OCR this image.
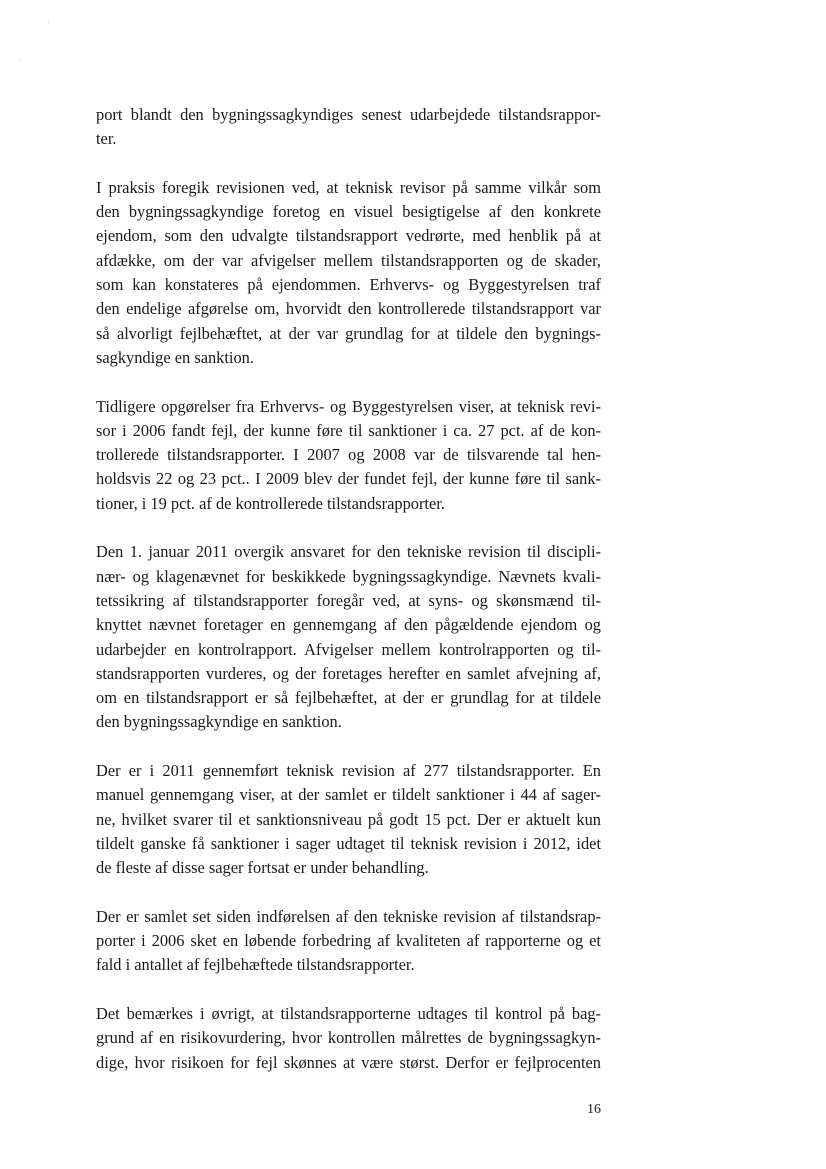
port blandt den bygningssagkyndiges senest udarbejdede tilstandsrappor-
ter.
I praksis foregik revisionen ved, at teknisk revisor på samme vilkår som
den bygningssagkyndige foretog en visuel besigtigelse af den konkrete
ejendom, som den udvalgte tilstandsrapport vedrørte, med henblik på at
afdække, om der var afvigelser mellem tilstandsrapporten og de skader,
som kan konstateres på ejendommen. Erhvervs- og Byggestyrelsen traf
den endelige afgørelse om, hvorvidt den kontrollerede tilstandsrapport var
så alvorligt fejlbehæftet, at der var grundlag for at tildele den bygnings-
sagkyndige en sanktion.
Tidligere opgørelser fra Erhvervs- og Byggestyrelsen viser, at teknisk revi-
sor i 2006 fandt fejl, der kunne føre til sanktioner i ca. 27 pct. af de kon-
trollerede tilstandsrapporter. I 2007 og 2008 var de tilsvarende tal hen-
holdsvis 22 og 23 pct.. I 2009 blev der fundet fejl, der kunne føre til sank-
tioner, i 19 pct. af de kontrollerede tilstandsrapporter.
Den 1. januar 2011 overgik ansvaret for den tekniske revision til discipli-
nær- og klagenævnet for beskikkede bygningssagkyndige. Nævnets kvali-
tetssikring af tilstandsrapporter foregår ved, at syns- og skønsmænd til-
knyttet nævnet foretager en gennemgang af den pågældende ejendom og
udarbejder en kontrolrapport. Afvigelser mellem kontrolrapporten og til-
standsrapporten vurderes, og der foretages herefter en samlet afvejning af,
om en tilstandsrapport er så fejlbehæftet, at der er grundlag for at tildele
den bygningssagkyndige en sanktion.
Der er i 2011 gennemført teknisk revision af 277 tilstandsrapporter. En
manuel gennemgang viser, at der samlet er tildelt sanktioner i 44 af sager-
ne, hvilket svarer til et sanktionsniveau på godt 15 pct. Der er aktuelt kun
tildelt ganske få sanktioner i sager udtaget til teknisk revision i 2012, idet
de fleste af disse sager fortsat er under behandling.
Der er samlet set siden indførelsen af den tekniske revision af tilstandsrap-
porter i 2006 sket en løbende forbedring af kvaliteten af rapporterne og et
fald i antallet af fejlbehæftede tilstandsrapporter.
Det bemærkes i øvrigt, at tilstandsrapporterne udtages til kontrol på bag-
grund af en risikovurdering, hvor kontrollen målrettes de bygningssagkyn-
dige, hvor risikoen for fejl skønnes at være størst. Derfor er fejlprocenten
16
